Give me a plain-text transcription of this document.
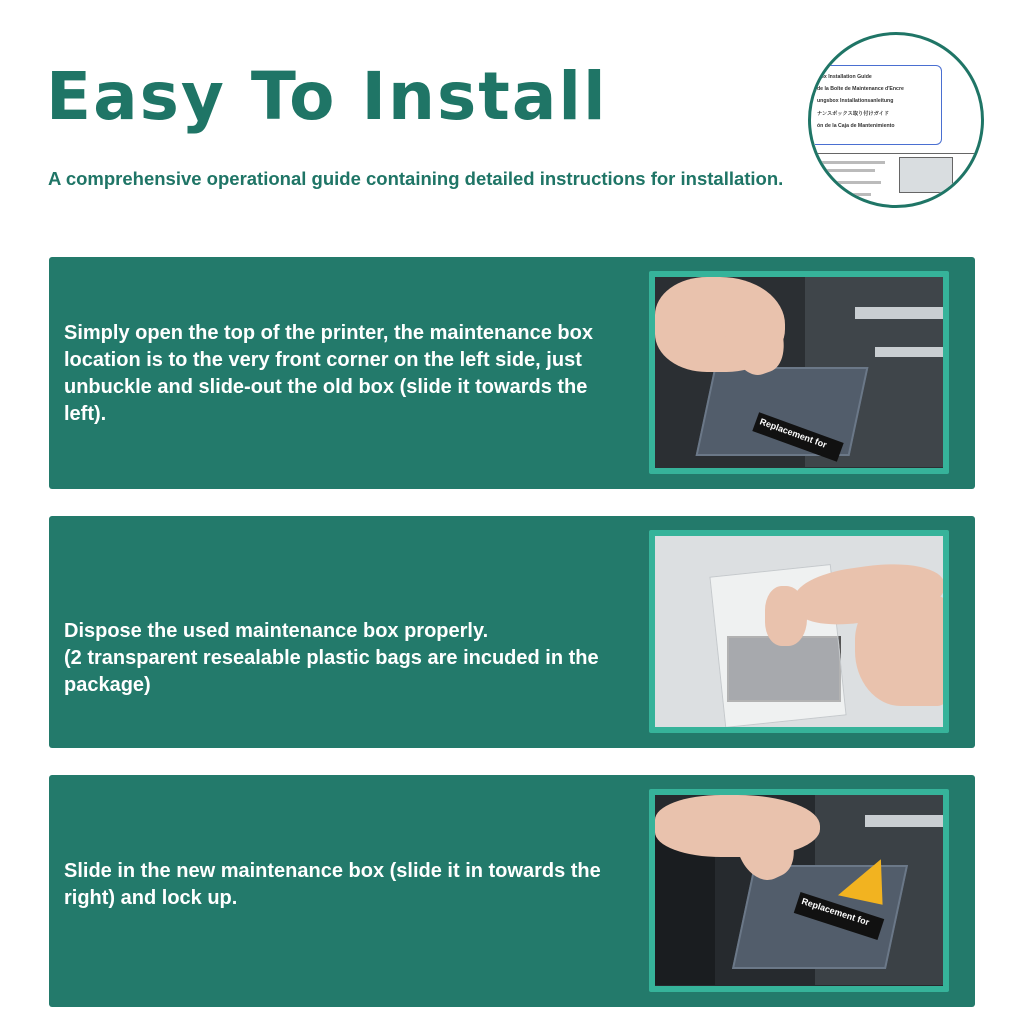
Easy To Install

A comprehensive operational guide containing detailed instructions for installation.

Box Installation Guide
de la Boîte de Maintenance d'Encre
ungsbox Installationsanleitung
ナンスボックス取り付けガイド
ón de la Caja de Mantenimiento
Simply open the top of the printer, the maintenance box location is to the very front corner on the left side, just unbuckle and slide-out the old box (slide it towards the left).
Replacement for
Dispose the used maintenance box properly.
(2 transparent resealable plastic bags are incuded in the package)
Slide in the new maintenance box (slide it in towards the right) and lock up.	Replacement for
